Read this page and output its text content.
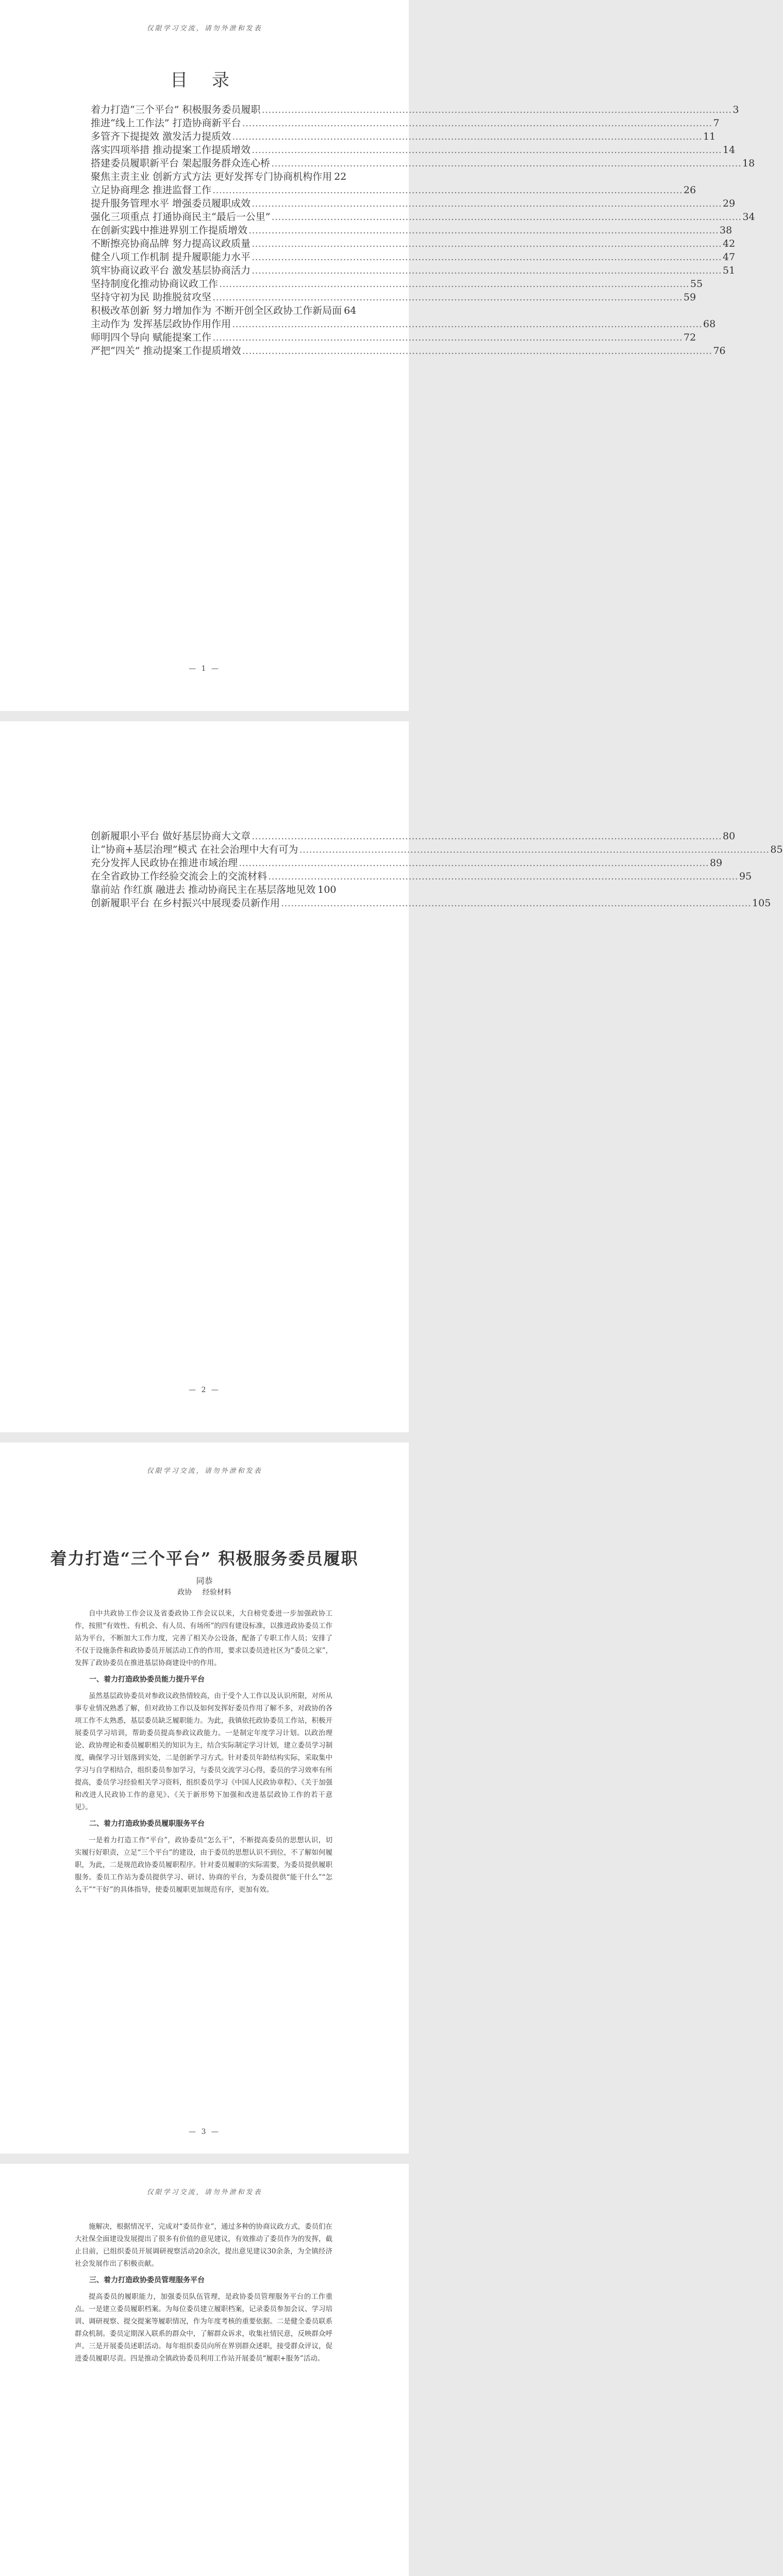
仅限学习交流，请勿外泄和发表
目 录
着力打造“三个平台” 积极服务委员履职 ………………………………………………………………………………………………………………………………	3
推进“线上工作法” 打造协商新平台 ………………………………………………………………………………………………………………………………	7
多管齐下提提效 激发活力提质效 ………………………………………………………………………………………………………………………………	11
落实四项举措 推动提案工作提质增效 ………………………………………………………………………………………………………………………………	14
搭建委员履职新平台 架起服务群众连心桥 ………………………………………………………………………………………………………………………………	18
聚焦主责主业 创新方式方法 更好发挥专门协商机构作用 22
立足协商理念 推进监督工作 ………………………………………………………………………………………………………………………………	26
提升服务管理水平 增强委员履职成效 ………………………………………………………………………………………………………………………………	29
强化三项重点 打通协商民主“最后一公里” ………………………………………………………………………………………………………………………………	34
在创新实践中推进界别工作提质增效 ………………………………………………………………………………………………………………………………	38
不断擦亮协商品牌 努力提高议政质量 ………………………………………………………………………………………………………………………………	42
健全八项工作机制 提升履职能力水平 ………………………………………………………………………………………………………………………………	47
筑牢协商议政平台 激发基层协商活力 ………………………………………………………………………………………………………………………………	51
坚持制度化推动协商议政工作 ………………………………………………………………………………………………………………………………	55
坚持守初为民 助推脱贫攻坚 ………………………………………………………………………………………………………………………………	59
积极改革创新 努力增加作为 不断开创全区政协工作新局面 64
主动作为 发挥基层政协作用作用 ………………………………………………………………………………………………………………………………	68
师明四个导向 赋能提案工作 ………………………………………………………………………………………………………………………………	72
严把“四关” 推动提案工作提质增效 ………………………………………………………………………………………………………………………………	76
— 1 —
创新履职小平台 做好基层协商大文章 ………………………………………………………………………………………………………………………………	80
让“协商+基层治理”模式 在社会治理中大有可为 ………………………………………………………………………………………………………………………………	85
充分发挥人民政协在推进市域治理 ………………………………………………………………………………………………………………………………	89
在全省政协工作经验交流会上的交流材料 ………………………………………………………………………………………………………………………………	95
靠前站 作红旗 融进去 推动协商民主在基层落地见效 100
创新履职平台 在乡村振兴中展现委员新作用 ………………………………………………………………………………………………………………………………	105
— 2 —
仅限学习交流，请勿外泄和发表
着力打造“三个平台” 积极服务委员履职
同恭
政协 经验材料

自中共政协工作会议及省委政协工作会议以来，大自榜党委进一步加强政协工作，按照“有效性、有机会、有人员、有场所”的四有建设标准，以推进政协委员工作站为平台，不断加大工作力度，完善了相关办公设备，配备了专职工作人员；安排了不仅于设施条件和政协委员开展活动工作的作用，要求以委员进社区为“委员之家”，发挥了政协委员在推进基层协商建设中的作用。

一、着力打造政协委员能力提升平台

虽然基层政协委员对参政议政热情较高，由于受个人工作以及认识所限，对所从事专业情况熟悉了解，但对政协工作以及如何发挥好委员作用了解不多，对政协的各项工作不太熟悉，基层委员缺乏履职能力。为此，我镇依托政协委员工作站，积极开展委员学习培训，帮助委员提高参政议政能力。一是制定年度学习计划。以政治理论、政协理论和委员履职相关的知识为主，结合实际制定学习计划，建立委员学习制度，确保学习计划落到实处，二是创新学习方式。针对委员年龄结构实际，采取集中学习与自学相结合，组织委员参加学习，与委员交流学习心得，委员的学习效率有所提高，委员学习经验相关学习资料，组织委员学习《中国人民政协章程》、《关于加强和改进人民政协工作的意见》、《关于新形势下加强和改进基层政协工作的若干意见》。

二、着力打造政协委员履职服务平台

一是着力打造工作“平台”，政协委员“怎么干”，不断提高委员的思想认识，切实履行好职责，立足“三个平台”的建设，由于委员的思想认识不到位，不了解如何履职，为此，二是规范政协委员履职程序。针对委员履职的实际需要，为委员提供履职服务。委员工作站为委员提供学习、研讨、协商的平台，为委员提供“能干什么”“怎么干”“干好”的具体指导，使委员履职更加规范有序，更加有效。

— 3 —
仅限学习交流，请勿外泄和发表

施解决，根据情况平，完成对“委员作业”，通过多种的协商议政方式，委员们在大社保全面建设发展提出了很多有价值的意见建议，有效推动了委员作为的发挥，截止目前，已组织委员开展调研视察活动20余次，提出意见建议30余条，为全镇经济社会发展作出了积极贡献。

三、着力打造政协委员管理服务平台

提高委员的履职能力，加强委员队伍管理，是政协委员管理服务平台的工作重点。一是建立委员履职档案。为每位委员建立履职档案，记录委员参加会议、学习培训、调研视察、提交提案等履职情况，作为年度考核的重要依据。二是健全委员联系群众机制。委员定期深入联系的群众中，了解群众诉求，收集社情民意，反映群众呼声。三是开展委员述职活动。每年组织委员向所在界别群众述职，接受群众评议，促进委员履职尽责。四是推动全镇政协委员利用工作站开展委员“履职+服务”活动。
